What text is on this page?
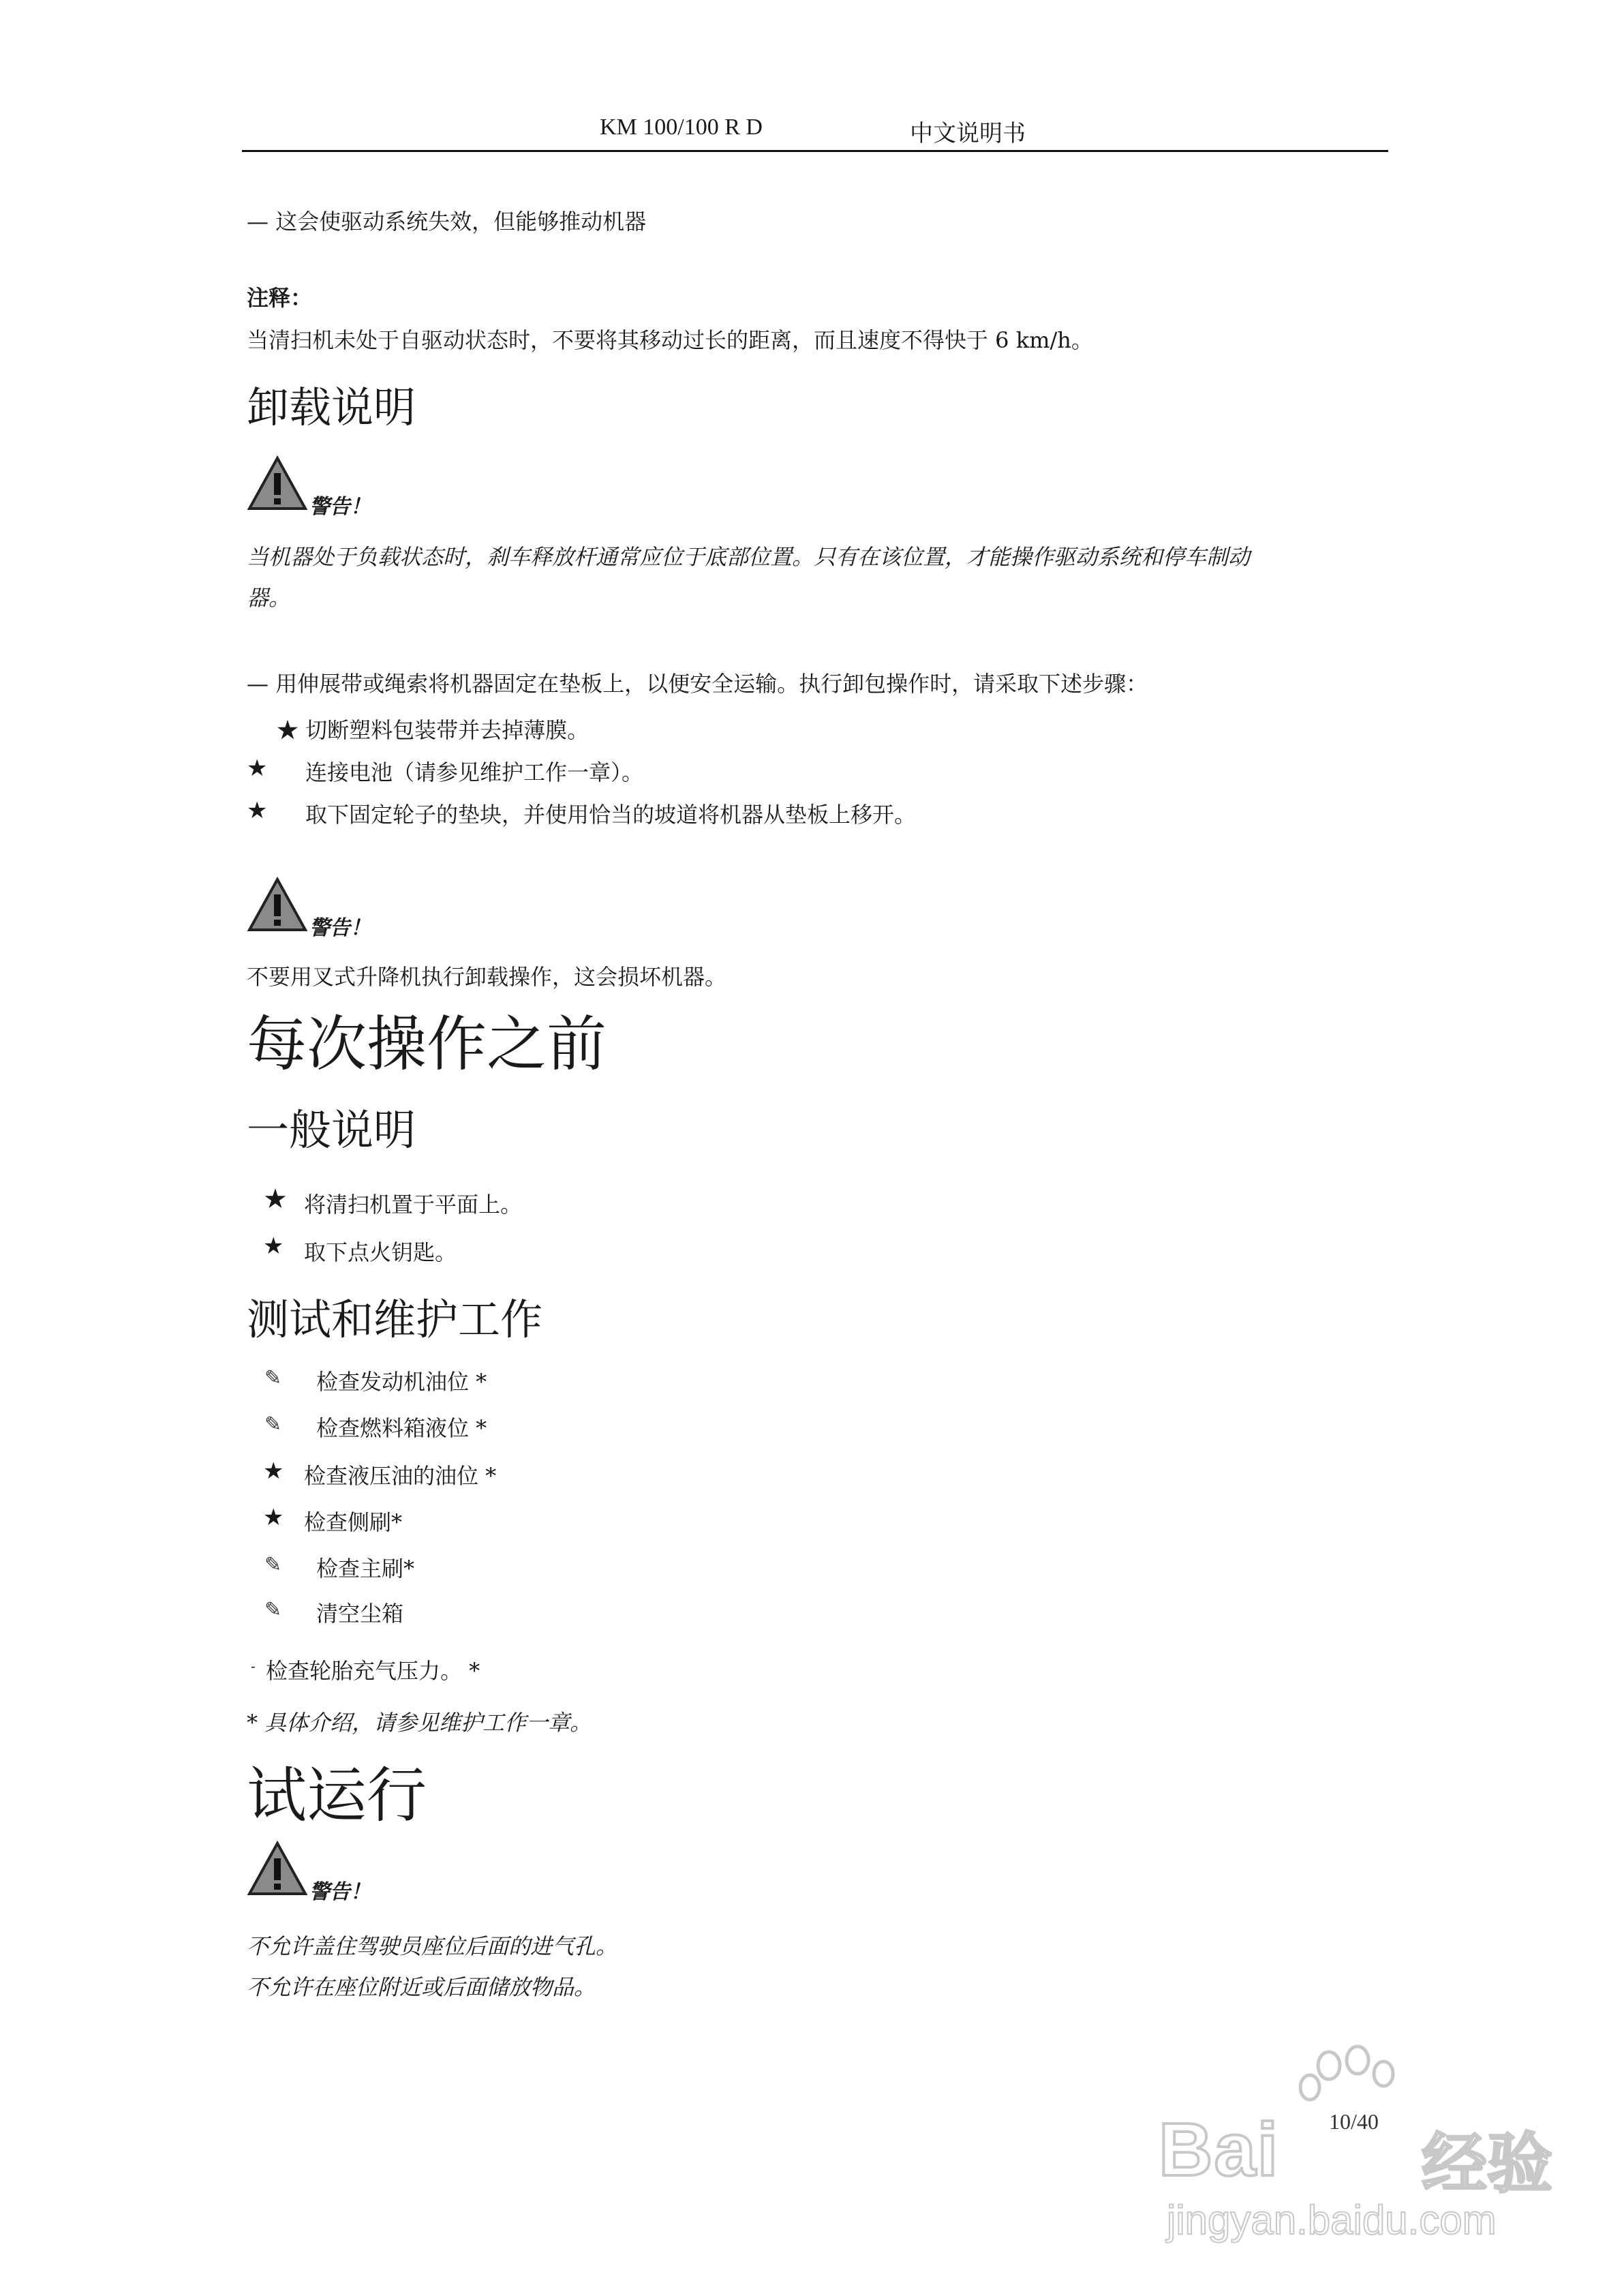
KM 100/100 R D	中文说明书
— 这会使驱动系统失效，但能够推动机器
注释：
当清扫机未处于自驱动状态时，不要将其移动过长的距离，而且速度不得快于 6 km/h。
卸载说明
警告！
当机器处于负载状态时，刹车释放杆通常应位于底部位置。只有在该位置，才能操作驱动系统和停车制动
器。
— 用伸展带或绳索将机器固定在垫板上，以便安全运输。执行卸包操作时，请采取下述步骤：
★ 切断塑料包装带并去掉薄膜。
★ 连接电池（请参见维护工作一章）。
★ 取下固定轮子的垫块，并使用恰当的坡道将机器从垫板上移开。
警告！
不要用叉式升降机执行卸载操作，这会损坏机器。
每次操作之前
一般说明
★ 将清扫机置于平面上。
★ 取下点火钥匙。
测试和维护工作
✎ 检查发动机油位 *
✎ 检查燃料箱液位 *
★ 检查液压油的油位 *
★ 检查侧刷*
✎ 检查主刷*
✎ 清空尘箱
- 检查轮胎充气压力。 *
* 具体介绍，请参见维护工作一章。
试运行
警告！
不允许盖住驾驶员座位后面的进气孔。
不允许在座位附近或后面储放物品。
10/40
Bai 经验
jingyan.baidu.com
